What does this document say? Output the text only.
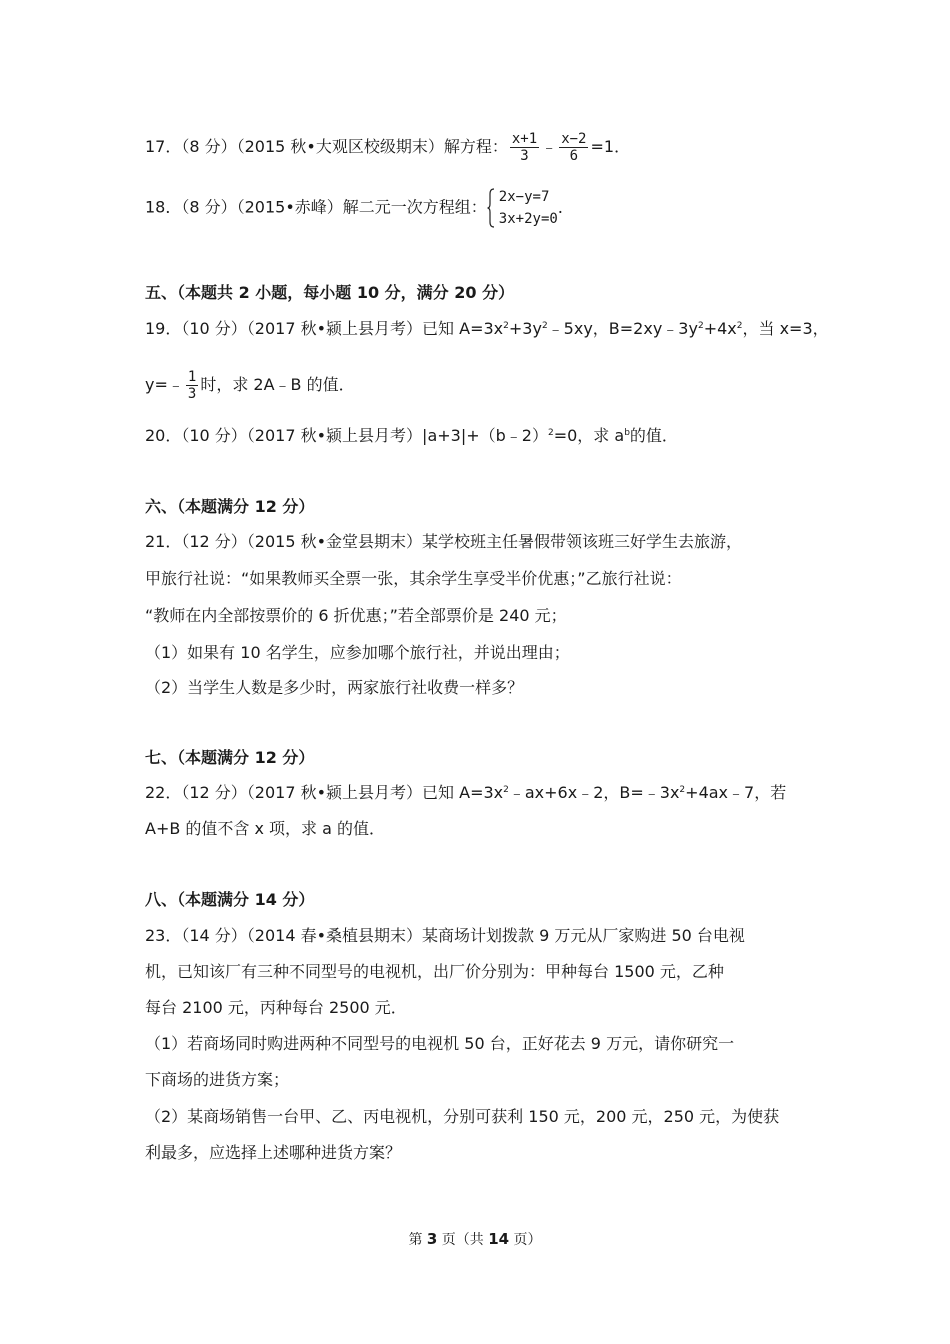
17．（8 分）（2015 秋•大观区校级期末）解方程： $\frac{x+1}{3}$ ﹣ $\frac{x-2}{6} =1$．
18．（8 分）（2015•赤峰）解二元一次方程组：
2x−y=7
3x+2y=0
．
五、（本题共 2 小题，每小题 10 分，满分 20 分）
19．（10 分）（2017 秋•颍上县月考）已知 $A=3x^2+3y^2﹣5xy$，$B=2xy﹣3y^2+4x^2$，当 x=3，
y=﹣ $\frac{1}{3}$ 时，求 2A﹣B 的值．
20．（10 分）（2017 秋•颍上县月考）|a+3|+（b﹣2）$^2$=0，求 $a^b$的值．
六、（本题满分 12 分）
21．（12 分）（2015 秋•金堂县期末）某学校班主任暑假带领该班三好学生去旅游，
甲旅行社说：“如果教师买全票一张，其余学生享受半价优惠；”乙旅行社说：
“教师在内全部按票价的 6 折优惠；”若全部票价是 240 元；
（1）如果有 10 名学生，应参加哪个旅行社，并说出理由；
（2）当学生人数是多少时，两家旅行社收费一样多？
七、（本题满分 12 分）
22．（12 分）（2017 秋•颍上县月考）已知 $A=3x^2﹣ax+6x﹣2$，$B=﹣3x^2+4ax﹣7$，若
A+B 的值不含 x 项，求 a 的值．
八、（本题满分 14 分）
23．（14 分）（2014 春•桑植县期末）某商场计划拨款 9 万元从厂家购进 50 台电视
机，已知该厂有三种不同型号的电视机，出厂价分别为：甲种每台 1500 元，乙种
每台 2100 元，丙种每台 2500 元．
（1）若商场同时购进两种不同型号的电视机 50 台，正好花去 9 万元，请你研究一
下商场的进货方案；
（2）某商场销售一台甲、乙、丙电视机，分别可获利 150 元，200 元，250 元，为使获
利最多，应选择上述哪种进货方案？
第 3 页（共 14 页）
